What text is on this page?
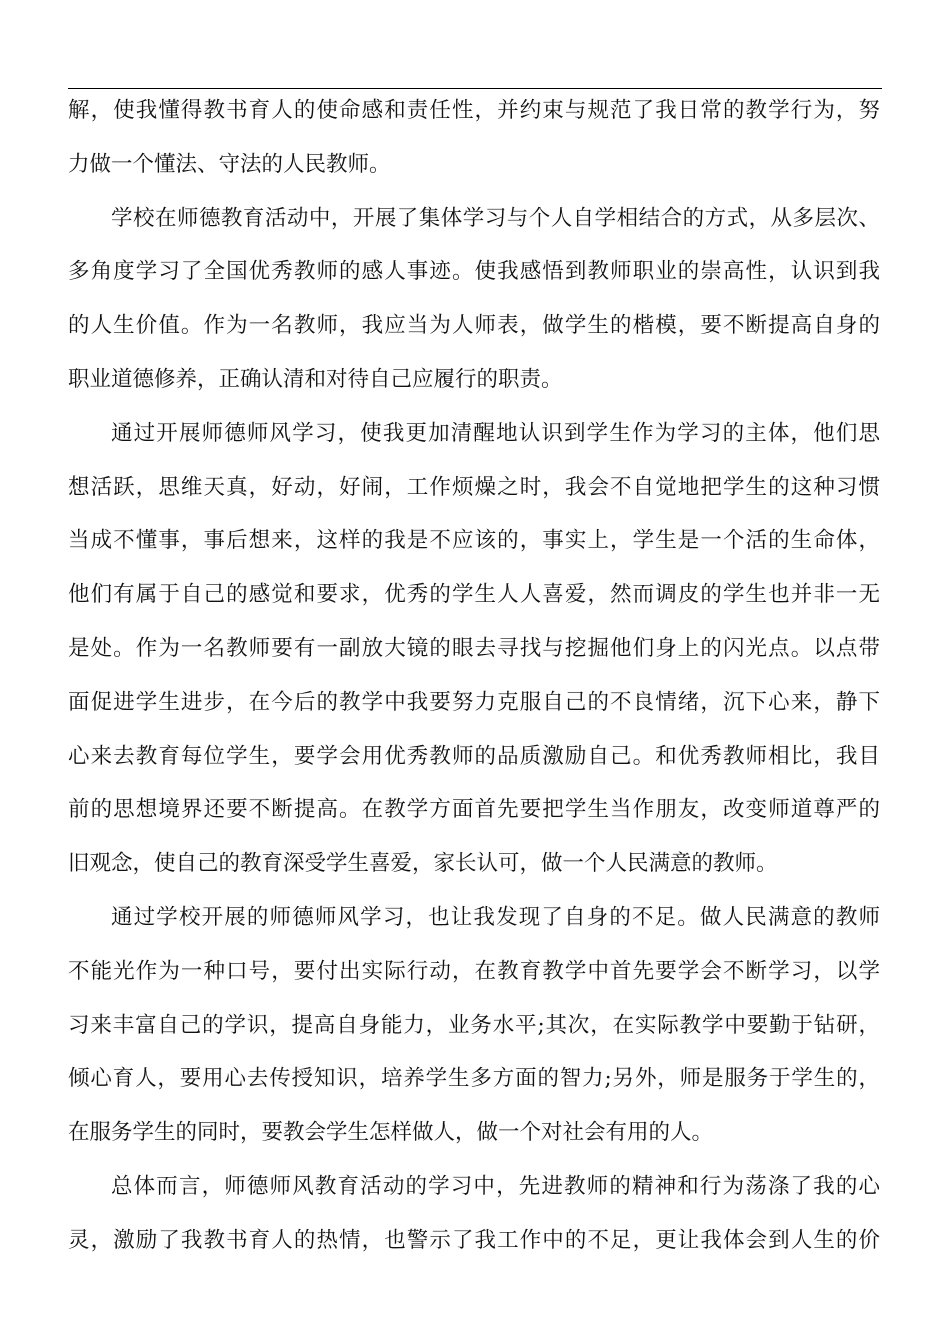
解，使我懂得教书育人的使命感和责任性，并约束与规范了我日常的教学行为，努
力做一个懂法、守法的人民教师。
学校在师德教育活动中，开展了集体学习与个人自学相结合的方式，从多层次、
多角度学习了全国优秀教师的感人事迹。使我感悟到教师职业的崇高性，认识到我
的人生价值。作为一名教师，我应当为人师表，做学生的楷模，要不断提高自身的
职业道德修养，正确认清和对待自己应履行的职责。
通过开展师德师风学习，使我更加清醒地认识到学生作为学习的主体，他们思
想活跃，思维天真，好动，好闹，工作烦燥之时，我会不自觉地把学生的这种习惯
当成不懂事，事后想来，这样的我是不应该的，事实上，学生是一个活的生命体，
他们有属于自己的感觉和要求，优秀的学生人人喜爱，然而调皮的学生也并非一无
是处。作为一名教师要有一副放大镜的眼去寻找与挖掘他们身上的闪光点。以点带
面促进学生进步，在今后的教学中我要努力克服自己的不良情绪，沉下心来，静下
心来去教育每位学生，要学会用优秀教师的品质激励自己。和优秀教师相比，我目
前的思想境界还要不断提高。在教学方面首先要把学生当作朋友，改变师道尊严的
旧观念，使自己的教育深受学生喜爱，家长认可，做一个人民满意的教师。
通过学校开展的师德师风学习，也让我发现了自身的不足。做人民满意的教师
不能光作为一种口号，要付出实际行动，在教育教学中首先要学会不断学习，以学
习来丰富自己的学识，提高自身能力，业务水平;其次，在实际教学中要勤于钻研，
倾心育人，要用心去传授知识，培养学生多方面的智力;另外，师是服务于学生的，
在服务学生的同时，要教会学生怎样做人，做一个对社会有用的人。
总体而言，师德师风教育活动的学习中，先进教师的精神和行为荡涤了我的心
灵，激励了我教书育人的热情，也警示了我工作中的不足，更让我体会到人生的价
